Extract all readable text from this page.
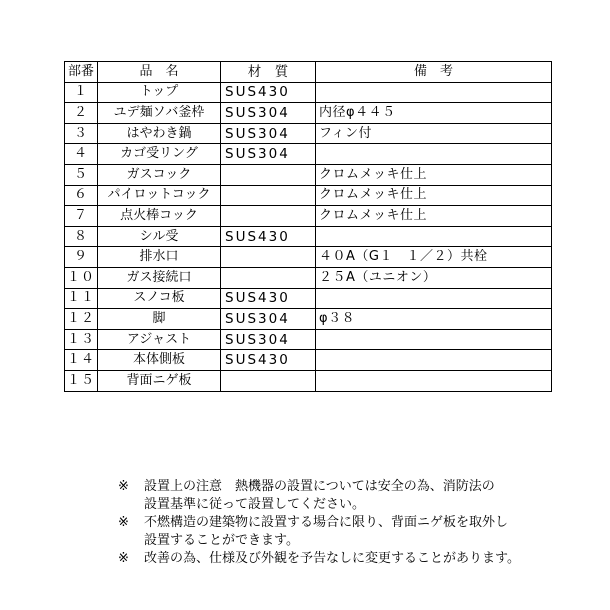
部番	品　名	材　質	備　考
１	トップ	SUS430	
２	ユデ麺ソバ釜枠	SUS304	内径φ４４５
３	はやわき鍋	SUS304	フィン付
４	カゴ受リング	SUS304	
５	ガスコック		クロムメッキ仕上
６	パイロットコック		クロムメッキ仕上
７	点火棒コック		クロムメッキ仕上
８	シル受	SUS430	
９	排水口		４０A（G１　１／２）共栓
１０	ガス接続口		２５A（ユニオン）
１１	スノコ板	SUS430	
１２	脚	SUS304	φ３８
１３	アジャスト	SUS304	
１４	本体側板	SUS430	
１５	背面ニゲ板		
※	設置上の注意　熱機器の設置については安全の為、消防法の
設置基準に従って設置してください。
※	不燃構造の建築物に設置する場合に限り、背面ニゲ板を取外し
設置することができます。
※	改善の為、仕様及び外観を予告なしに変更することがあります。
